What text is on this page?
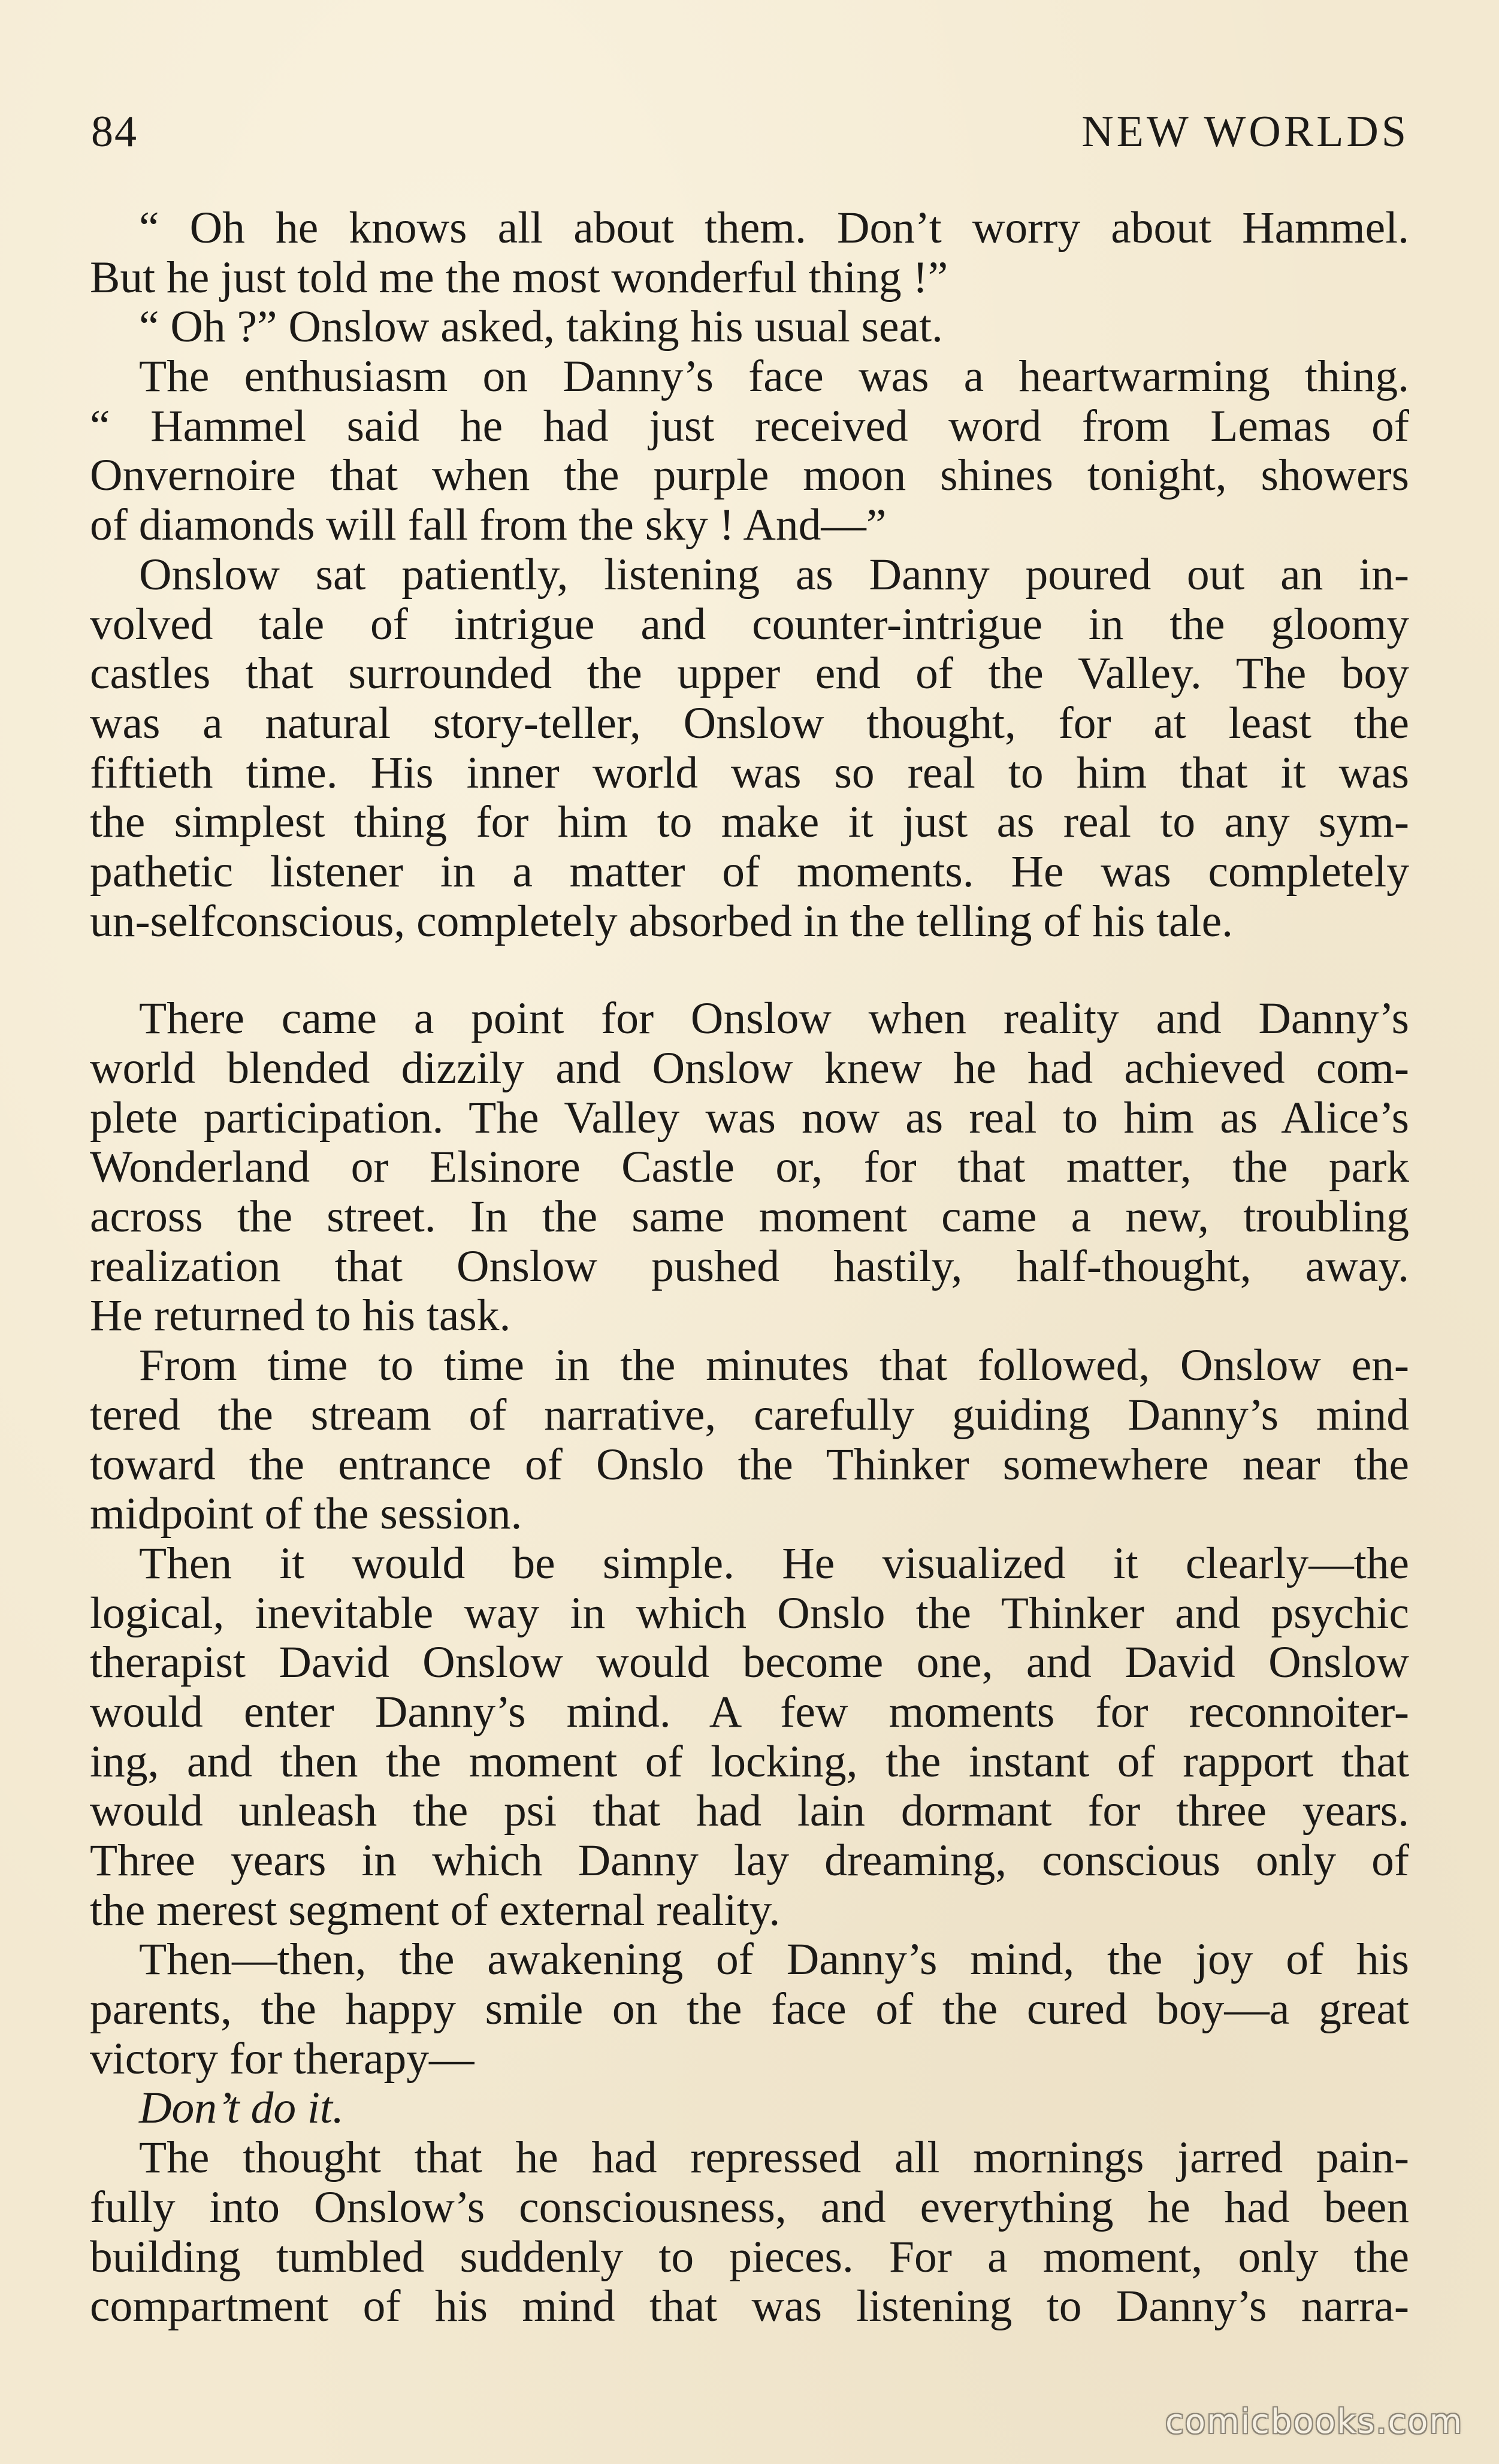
84	NEW WORLDS
“ Oh he knows all about them. Don’t worry about Hammel.
But he just told me the most wonderful thing !”
“ Oh ?” Onslow asked, taking his usual seat.
The enthusiasm on Danny’s face was a heartwarming thing.
“ Hammel said he had just received word from Lemas of
Onvernoire that when the purple moon shines tonight, showers
of diamonds will fall from the sky ! And—”
Onslow sat patiently, listening as Danny poured out an in-
volved tale of intrigue and counter-intrigue in the gloomy
castles that surrounded the upper end of the Valley. The boy
was a natural story-teller, Onslow thought, for at least the
fiftieth time. His inner world was so real to him that it was
the simplest thing for him to make it just as real to any sym-
pathetic listener in a matter of moments. He was completely
un-selfconscious, completely absorbed in the telling of his tale.
There came a point for Onslow when reality and Danny’s
world blended dizzily and Onslow knew he had achieved com-
plete participation. The Valley was now as real to him as Alice’s
Wonderland or Elsinore Castle or, for that matter, the park
across the street. In the same moment came a new, troubling
realization that Onslow pushed hastily, half-thought, away.
He returned to his task.
From time to time in the minutes that followed, Onslow en-
tered the stream of narrative, carefully guiding Danny’s mind
toward the entrance of Onslo the Thinker somewhere near the
midpoint of the session.
Then it would be simple. He visualized it clearly—the
logical, inevitable way in which Onslo the Thinker and psychic
therapist David Onslow would become one, and David Onslow
would enter Danny’s mind. A few moments for reconnoiter-
ing, and then the moment of locking, the instant of rapport that
would unleash the psi that had lain dormant for three years.
Three years in which Danny lay dreaming, conscious only of
the merest segment of external reality.
Then—then, the awakening of Danny’s mind, the joy of his
parents, the happy smile on the face of the cured boy—a great
victory for therapy—
Don’t do it.
The thought that he had repressed all mornings jarred pain-
fully into Onslow’s consciousness, and everything he had been
building tumbled suddenly to pieces. For a moment, only the
compartment of his mind that was listening to Danny’s narra-
comicbooks.com
